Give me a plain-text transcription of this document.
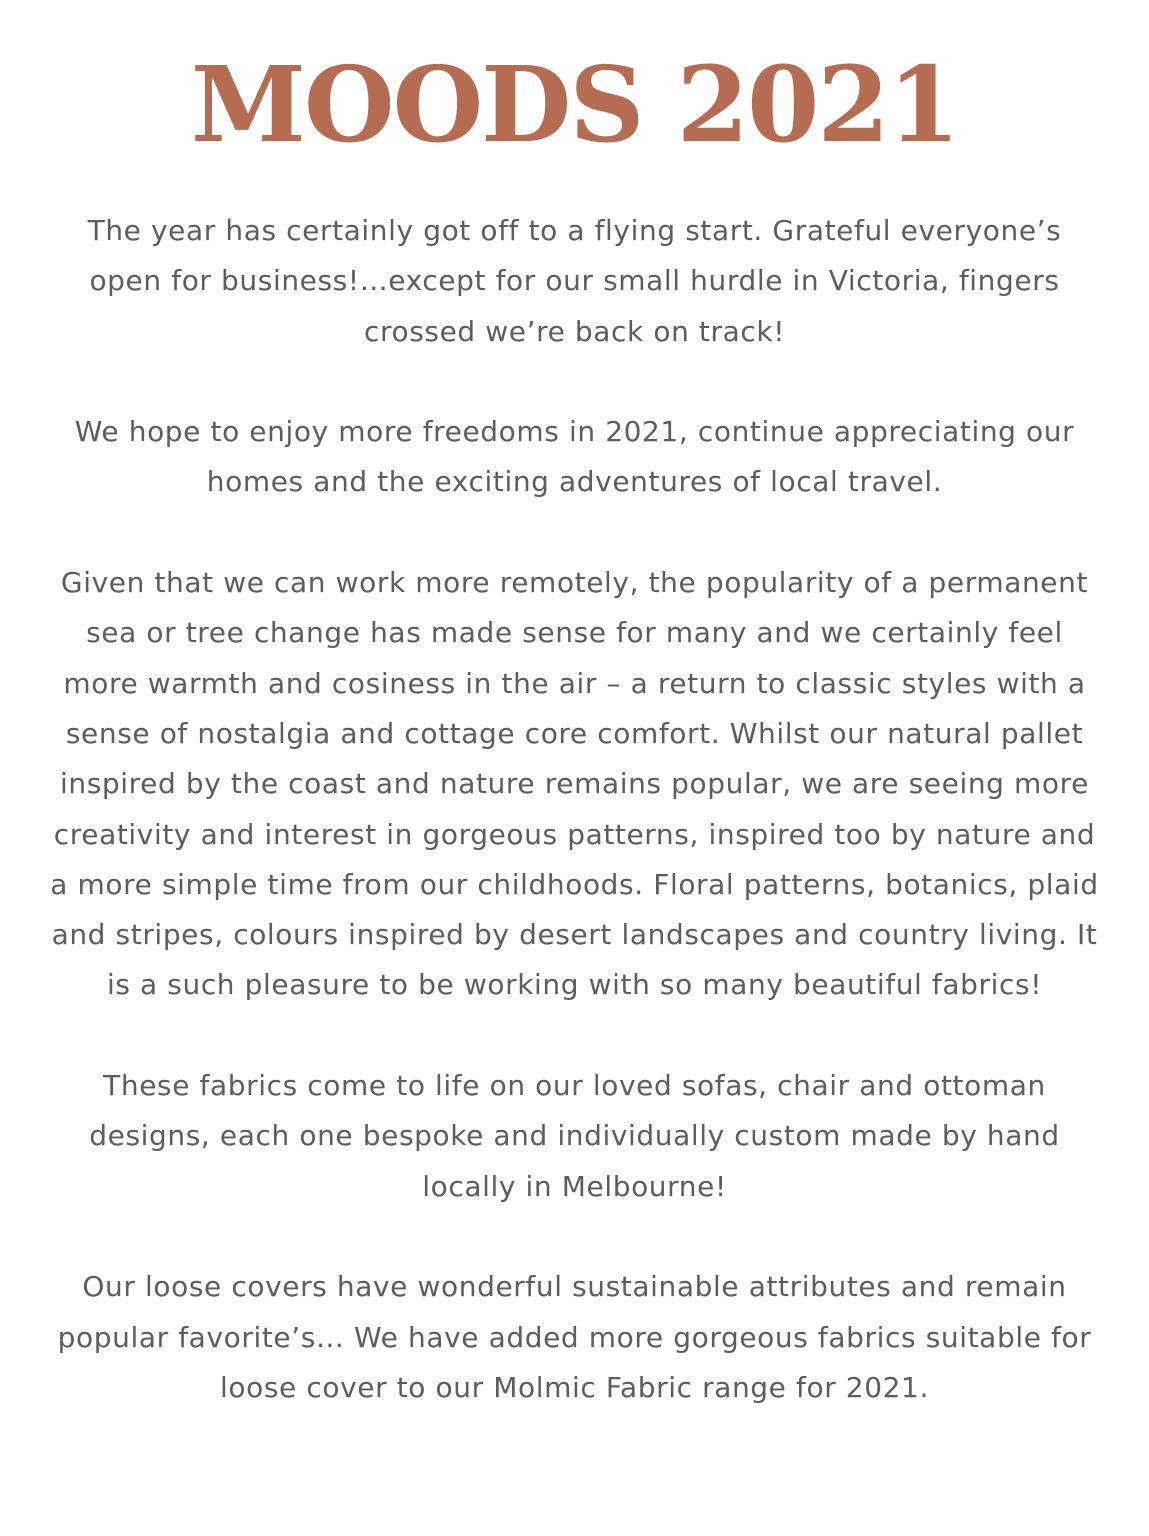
MOODS 2021

The year has certainly got off to a flying start. Grateful everyone’s open for business!…except for our small hurdle in Victoria, fingers crossed we’re back on track!

We hope to enjoy more freedoms in 2021, continue appreciating our homes and the exciting adventures of local travel.

Given that we can work more remotely, the popularity of a permanent sea or tree change has made sense for many and we certainly feel more warmth and cosiness in the air – a return to classic styles with a sense of nostalgia and cottage core comfort. Whilst our natural pallet inspired by the coast and nature remains popular, we are seeing more creativity and interest in gorgeous patterns, inspired too by nature and a more simple time from our childhoods. Floral patterns, botanics, plaid and stripes, colours inspired by desert landscapes and country living. It is a such pleasure to be working with so many beautiful fabrics!

These fabrics come to life on our loved sofas, chair and ottoman designs, each one bespoke and individually custom made by hand locally in Melbourne!

Our loose covers have wonderful sustainable attributes and remain popular favorite’s… We have added more gorgeous fabrics suitable for loose cover to our Molmic Fabric range for 2021.
